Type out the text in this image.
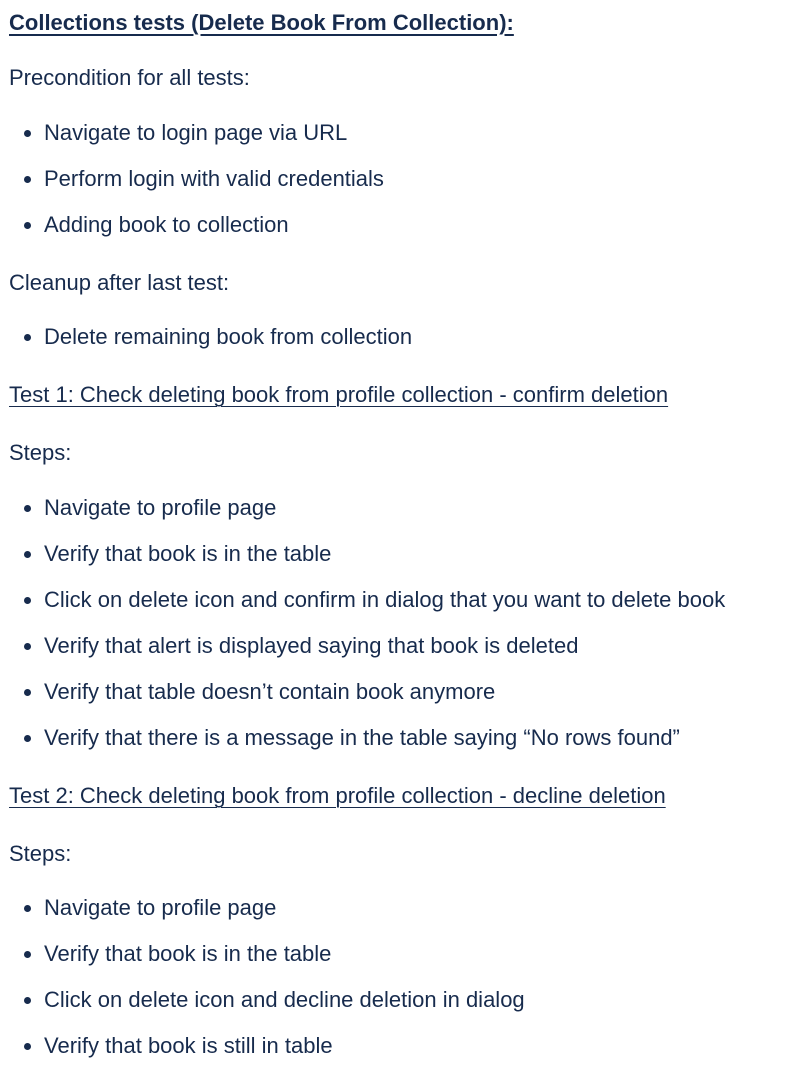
Collections tests (Delete Book From Collection):
Precondition for all tests:
Navigate to login page via URL
Perform login with valid credentials
Adding book to collection
Cleanup after last test:
Delete remaining book from collection
Test 1: Check deleting book from profile collection - confirm deletion
Steps:
Navigate to profile page
Verify that book is in the table
Click on delete icon and confirm in dialog that you want to delete book
Verify that alert is displayed saying that book is deleted
Verify that table doesn’t contain book anymore
Verify that there is a message in the table saying “No rows found”
Test 2: Check deleting book from profile collection - decline deletion
Steps:
Navigate to profile page
Verify that book is in the table
Click on delete icon and decline deletion in dialog
Verify that book is still in table
